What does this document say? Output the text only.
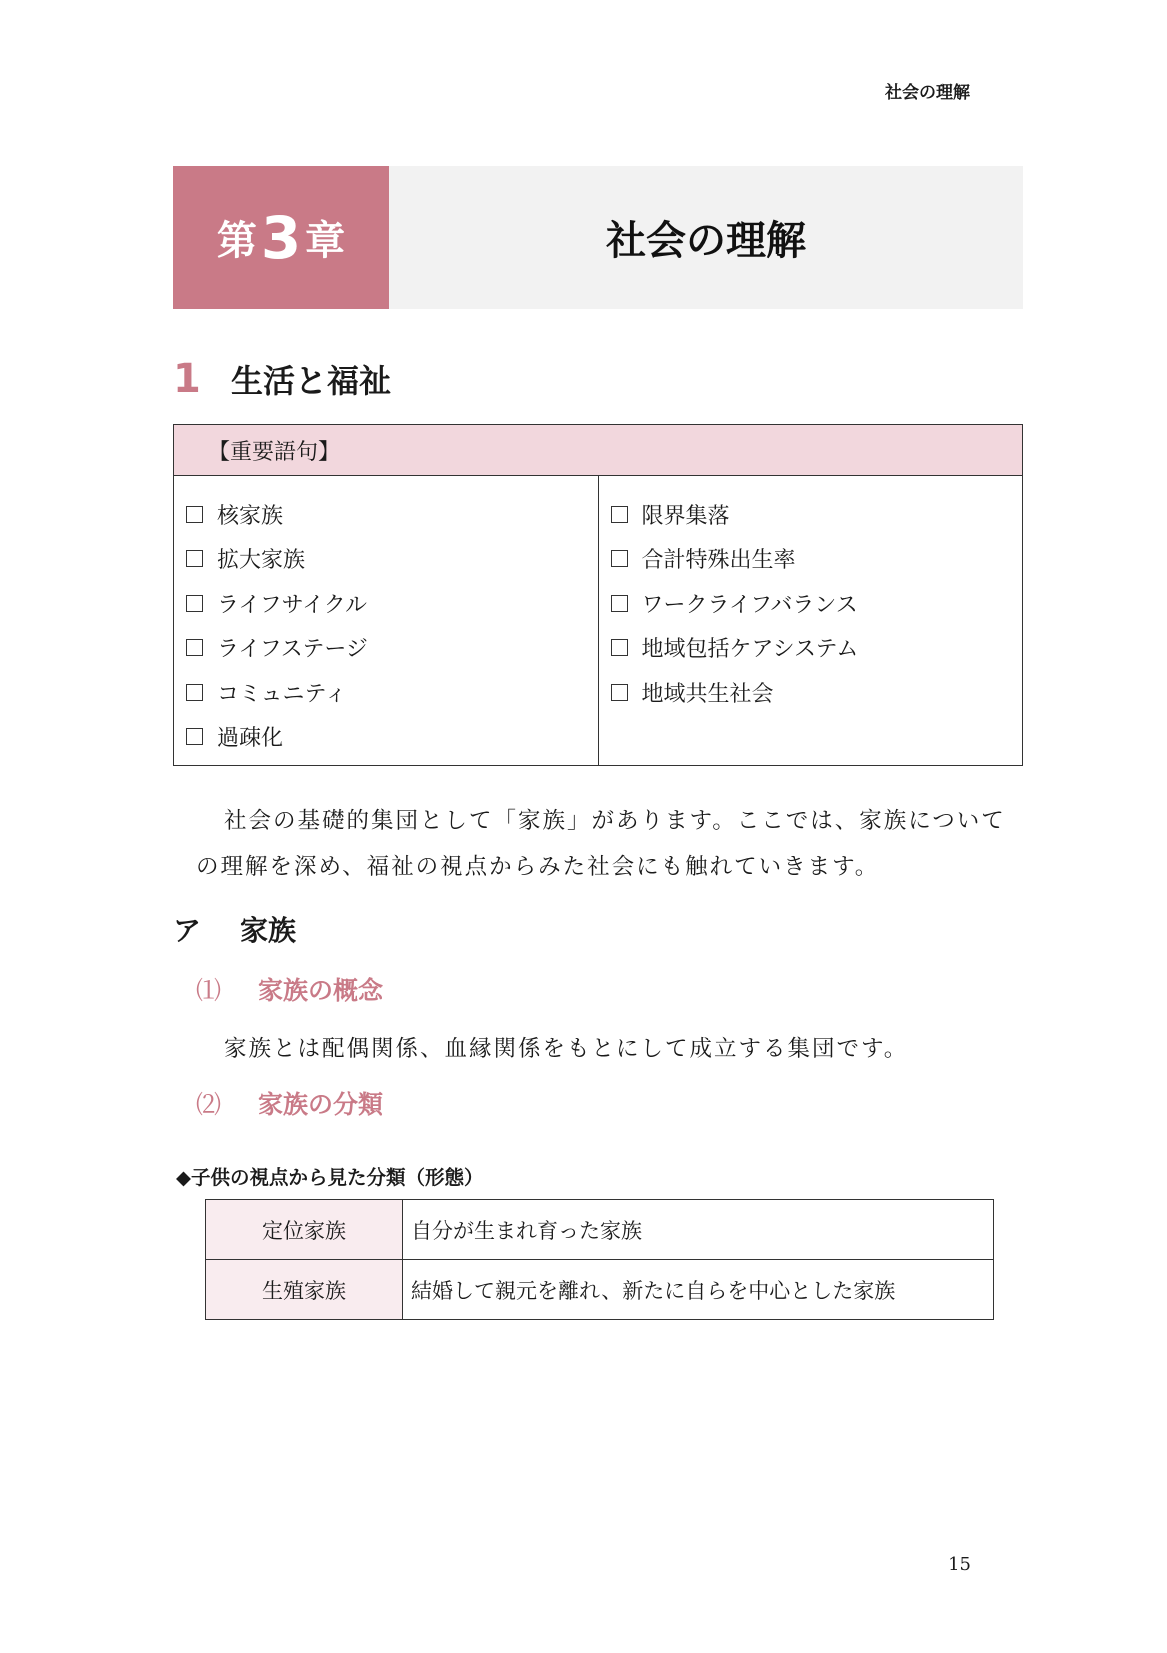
社会の理解
第 3 章	社会の理解
1 生活と福祉
【重要語句】
核家族
拡大家族
ライフサイクル
ライフステージ
コミュニティ
過疎化
限界集落
合計特殊出生率
ワークライフバランス
地域包括ケアシステム
地域共生社会
社会の基礎的集団として「家族」があります。ここでは、家族についての理解を深め、福祉の視点からみた社会にも触れていきます。
ア	家族
⑴	家族の概念
家族とは配偶関係、血縁関係をもとにして成立する集団です。
⑵	家族の分類
◆子供の視点から見た分類（形態）
定位家族	自分が生まれ育った家族
生殖家族	結婚して親元を離れ、新たに自らを中心とした家族
15
